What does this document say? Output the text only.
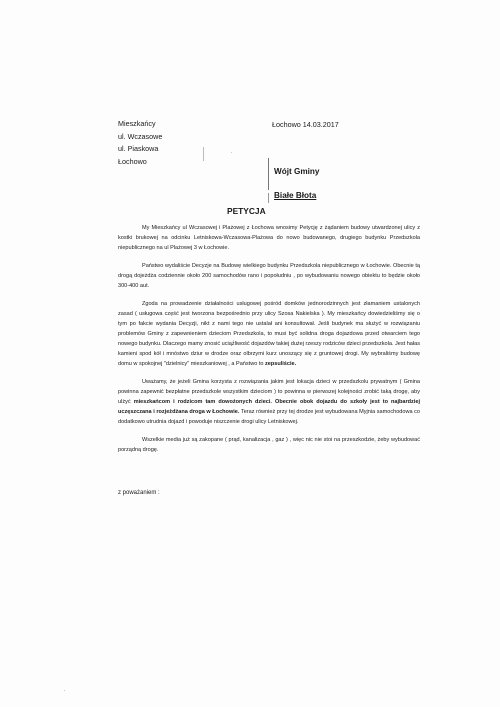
Mieszkańcy
ul. Wczasowe
ul. Piaskowa
Łochowo
Łochowo 14.03.2017
Wójt Gminy
Białe Błota
PETYCJA

My Mieszkańcy ul Wczasowej i Plażowej z Łochowa wnosimy Petycję z żądaniem budowy utwardzonej ulicy z kostki brukowej na odcinku Letniskowa-Wczasowa-Plażowa do nowo budowanego, drugiego budynku Przedszkola niepublicznego na ul Plażowej 3 w Łochowie.

Państwo wydaliście Decyzje na Budowę wielkiego budynku Przedszkola niepublicznego w Łochowie. Obecnie tą drogą dojeżdża codziennie około 200 samochodów rano i popołudniu , po wybudowaniu nowego obiektu to będzie około 300-400 aut.

Zgoda na prowadzenie działalności usługowej pośród domków jednorodzinnych jest złamaniem ustalonych zasad ( usługowa część jest tworzona bezpośrednio przy ulicy Szosa Nakielska ). My mieszkańcy dowiedzieliśmy się o tym po fakcie wydania Decyzji, nikt z nami tego nie ustalał ani konsultował. Jeśli budynek ma służyć w rozwiązaniu problemów Gminy z zapewnieniem dzieciom Przedszkola, to musi być solidna droga dojazdowa przed otwarciem tego nowego budynku. Dlaczego mamy znosić uciążliwość dojazdów takiej dużej rzeszy rodziców dzieci przedszkola. Jest hałas kamieni spod kół i mnóstwo dziur w drodze oraz olbrzymi kurz unoszący się z gruntowej drogi. My wybraliśmy budowę domu w spokojnej "dzielnicy" mieszkaniowej , a Państwo to zepsuliście.

Uważamy, że jeżeli Gmina korzysta z rozwiązania jakim jest lokacja dzieci w przedszkolu prywatnym ( Gmina powinna zapewnić bezpłatne przedszkole wszystkim dzieciom ) to powinna w pierwszej kolejności zrobić taką drogę, aby ulżyć mieszkańcom i rodzicom tam dowożonych dzieci. Obecnie obok dojazdu do szkoły jest to najbardziej uczęszczana i rozjeżdżana droga w Łochowie. Teraz również przy tej drodze jest wybudowana Myjnia samochodowa co dodatkowo utrudnia dojazd i powoduje niszczenie drogi ulicy Letniskowej.

Wszelkie media już są zakopane ( prąd, kanalizacja , gaz ) , więc nic nie stoi na przeszkodzie, żeby wybudować porządną drogę.

z poważaniem :
